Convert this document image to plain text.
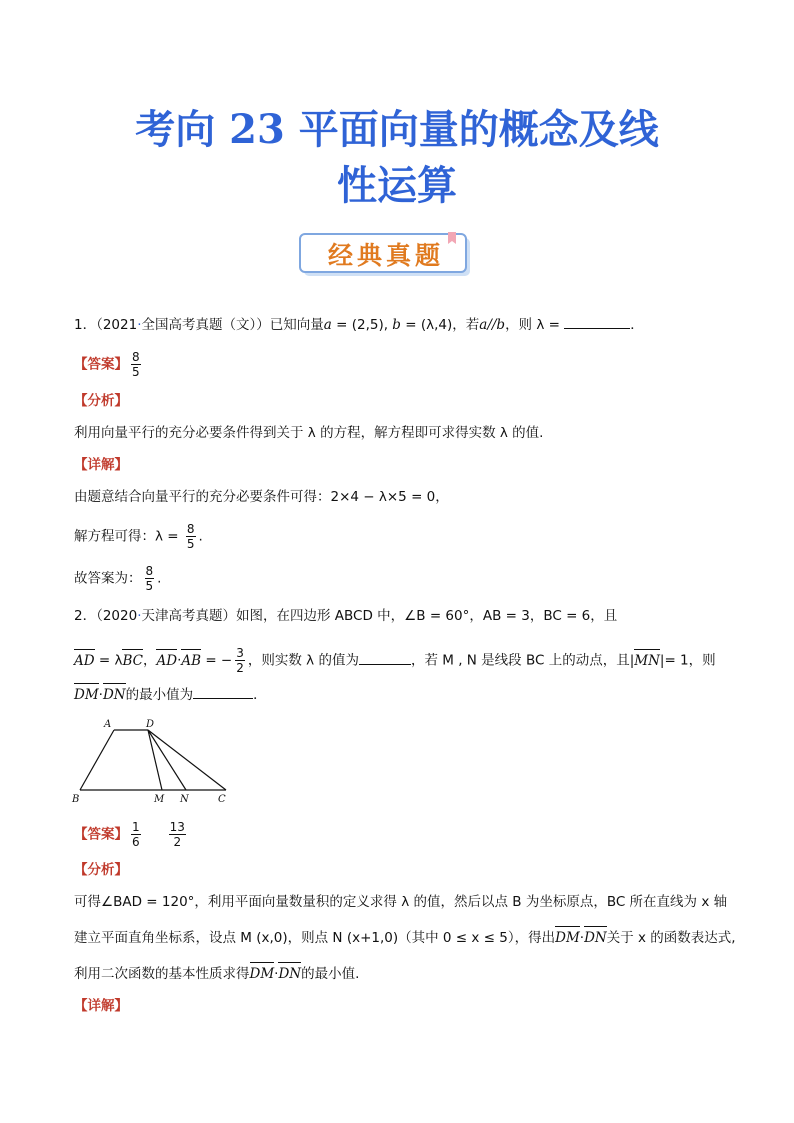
考向 23 平面向量的概念及线
性运算
经典真题
1．（2021·全国高考真题（文））已知向量a = (2,5), b = (λ,4)，若a//b，则 λ =	．
【答案】 $\frac{8}{5}$
【分析】
利用向量平行的充分必要条件得到关于 λ 的方程，解方程即可求得实数 λ 的值.
【详解】
由题意结合向量平行的充分必要条件可得：2×4 − λ×5 = 0，
解方程可得：$\lambda = \frac{8}{5}$ .
故答案为： $\frac{8}{5}$ .
2．（2020·天津高考真题）如图，在四边形 ABCD 中，∠B = 60°，AB = 3，BC = 6，且
AD = λBC，AD·AB = − $\frac{3}{2}$ ，则实数 λ 的值为	，若 M , N 是线段 BC 上的动点，且|MN|= 1，则
DM·DN的最小值为	．
A	D
B	M N	C
【答案】 $\frac{1}{6} \frac{13}{2}$
【分析】
可得∠BAD = 120°，利用平面向量数量积的定义求得 λ 的值，然后以点 B 为坐标原点，BC 所在直线为 x 轴
建立平面直角坐标系，设点 M (x,0)，则点 N (x+1,0)（其中 0 ≤ x ≤ 5），得出DM·DN关于 x 的函数表达式,
利用二次函数的基本性质求得DM·DN的最小值.
【详解】
